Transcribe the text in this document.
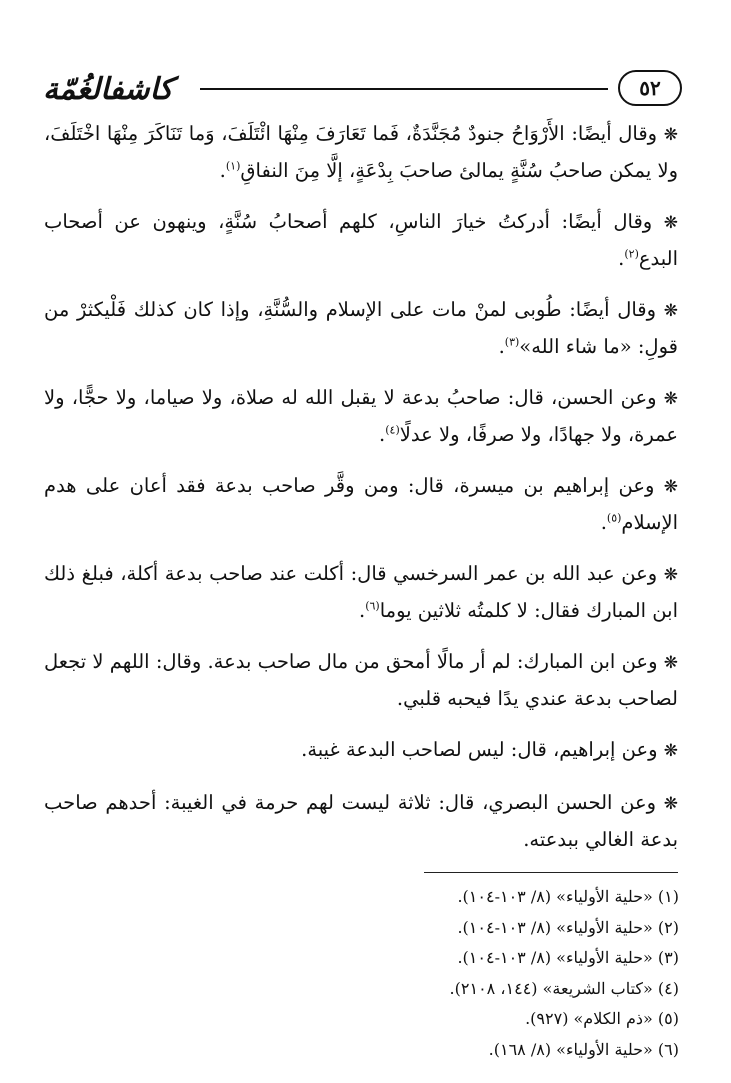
كاشفالغُمّة	٥٢

❋ وقال أيضًا: الأَرْوَاحُ جنودٌ مُجَنَّدَةٌ، فَما تَعَارَفَ مِنْهَا ائْتَلَفَ، وَما تَنَاكَرَ مِنْهَا اخْتَلَفَ، ولا يمكن صاحبُ سُنَّةٍ يمالئ صاحبَ بِدْعَةٍ، إلَّا مِنَ النفاقِ$^{(١)}$.

❋ وقال أيضًا: أدركتُ خيارَ الناسِ، كلهم أصحابُ سُنَّةٍ، وينهون عن أصحاب البدع$^{(٢)}$.

❋ وقال أيضًا: طُوبى لمنْ مات على الإسلام والسُّنَّةِ، وإذا كان كذلك فَلْيكثرْ من قولِ: «ما شاء الله»$^{(٣)}$.

❋ وعن الحسن، قال: صاحبُ بدعة لا يقبل الله له صلاة، ولا صياما، ولا حجًّا، ولا عمرة، ولا جهادًا، ولا صرفًا، ولا عدلًا$^{(٤)}$.

❋ وعن إبراهيم بن ميسرة، قال: ومن وقَّر صاحب بدعة فقد أعان على هدم الإسلام$^{(٥)}$.

❋ وعن عبد الله بن عمر السرخسي قال: أكلت عند صاحب بدعة أكلة، فبلغ ذلك ابن المبارك فقال: لا كلمتُه ثلاثين يوما$^{(٦)}$.

❋ وعن ابن المبارك: لم أر مالًا أمحق من مال صاحب بدعة. وقال: اللهم لا تجعل لصاحب بدعة عندي يدًا فيحبه قلبي.

❋ وعن إبراهيم، قال: ليس لصاحب البدعة غيبة.

❋ وعن الحسن البصري، قال: ثلاثة ليست لهم حرمة في الغيبة: أحدهم صاحب بدعة الغالي ببدعته.

(١) «حلية الأولياء» (٨/ ١٠٣-١٠٤).

(٢) «حلية الأولياء» (٨/ ١٠٣-١٠٤).

(٣) «حلية الأولياء» (٨/ ١٠٣-١٠٤).

(٤) «كتاب الشريعة» (١٤٤، ٢١٠٨).

(٥) «ذم الكلام» (٩٢٧).

(٦) «حلية الأولياء» (٨/ ١٦٨).
